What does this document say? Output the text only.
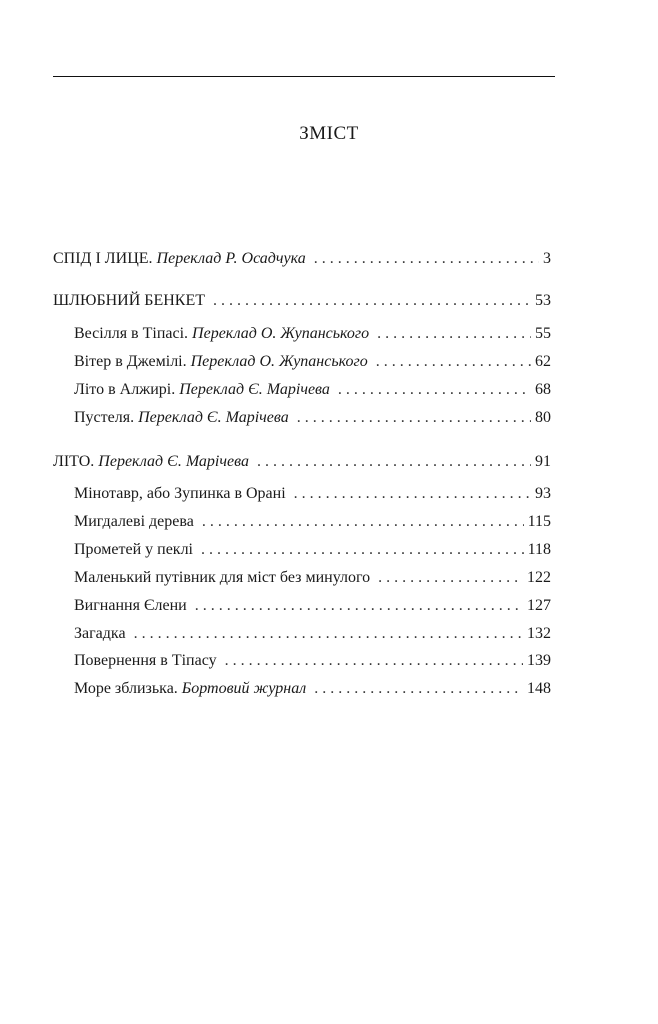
ЗМІСТ
СПІД І ЛИЦЕ. Переклад Р. Осадчука . . .	3
ШЛЮБНИЙ БЕНКЕТ . . .	53
Весілля в Тіпасі. Переклад О. Жупанського . . .	55
Вітер в Джемілі. Переклад О. Жупанського . . .	62
Літо в Алжирі. Переклад Є. Марічева . . .	68
Пустеля. Переклад Є. Марічева . . .	80
ЛІТО. Переклад Є. Марічева . . .	91
Мінотавр, або Зупинка в Орані . . .	93
Мигдалеві дерева . . .	115
Прометей у пеклі . . .	118
Маленький путівник для міст без минулого . . .	122
Вигнання Єлени . . .	127
Загадка . . .	132
Повернення в Тіпасу . . .	139
Море зблизька. Бортовий журнал . . .	148
